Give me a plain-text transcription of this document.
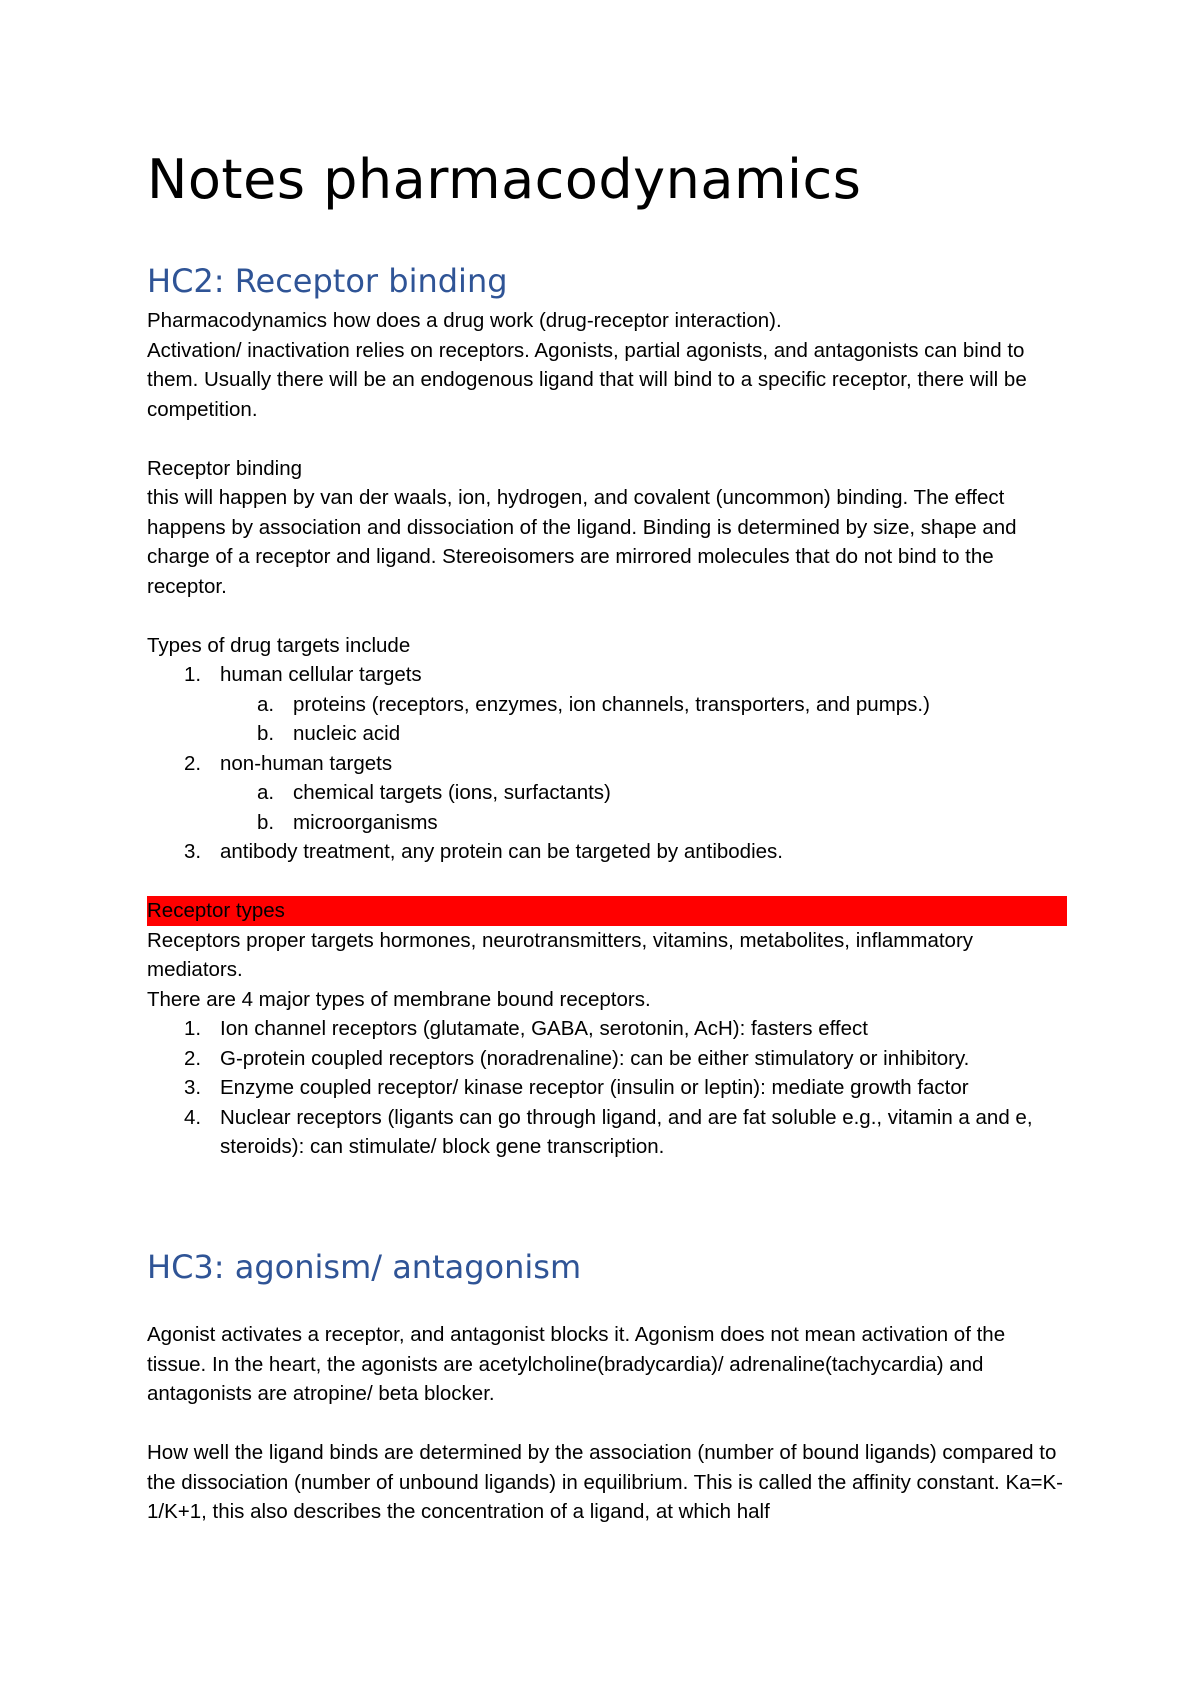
Notes pharmacodynamics
HC2: Receptor binding

Pharmacodynamics how does a drug work (drug-receptor interaction).

Activation/ inactivation relies on receptors. Agonists, partial agonists, and antagonists can bind to them. Usually there will be an endogenous ligand that will bind to a specific receptor, there will be competition.

Receptor binding

this will happen by van der waals, ion, hydrogen, and covalent (uncommon) binding. The effect happens by association and dissociation of the ligand. Binding is determined by size, shape and charge of a receptor and ligand. Stereoisomers are mirrored molecules that do not bind to the receptor.

Types of drug targets include

1. human cellular targets
a. proteins (receptors, enzymes, ion channels, transporters, and pumps.)
b. nucleic acid
2. non-human targets
a. chemical targets (ions, surfactants)
b. microorganisms
3. antibody treatment, any protein can be targeted by antibodies.

Receptor types

Receptors proper targets hormones, neurotransmitters, vitamins, metabolites, inflammatory mediators.

There are 4 major types of membrane bound receptors.

1. Ion channel receptors (glutamate, GABA, serotonin, AcH): fasters effect
2. G-protein coupled receptors (noradrenaline): can be either stimulatory or inhibitory.
3. Enzyme coupled receptor/ kinase receptor (insulin or leptin): mediate growth factor
4. Nuclear receptors (ligants can go through ligand, and are fat soluble e.g., vitamin a and e, steroids): can stimulate/ block gene transcription.
HC3: agonism/ antagonism

Agonist activates a receptor, and antagonist blocks it. Agonism does not mean activation of the tissue. In the heart, the agonists are acetylcholine(bradycardia)/ adrenaline(tachycardia) and antagonists are atropine/ beta blocker.

How well the ligand binds are determined by the association (number of bound ligands) compared to the dissociation (number of unbound ligands) in equilibrium. This is called the affinity constant. Ka=K-1/K+1, this also describes the concentration of a ligand, at which half
